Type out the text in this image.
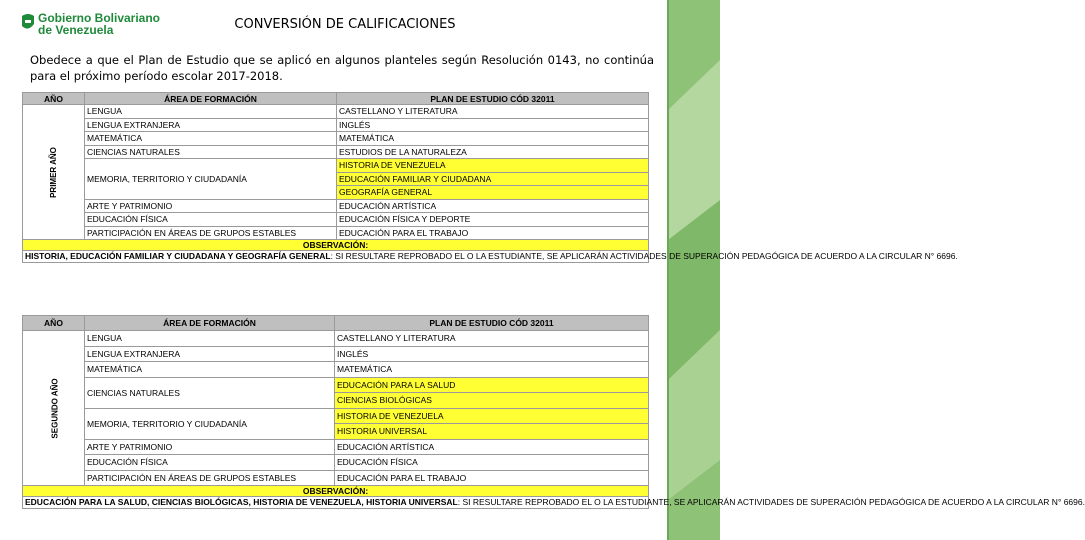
Gobierno Bolivariano
de Venezuela	CONVERSIÓN DE CALIFICACIONES
Obedece a que el Plan de Estudio que se aplicó en algunos planteles según Resolución 0143, no continúa para el próximo período escolar 2017-2018.
AÑO	ÁREA DE FORMACIÓN	PLAN DE ESTUDIO CÓD 32011
PRIMER AÑO	LENGUA	CASTELLANO Y LITERATURA
	LENGUA EXTRANJERA	INGLÉS
	MATEMÁTICA	MATEMÁTICA
	CIENCIAS NATURALES	ESTUDIOS DE LA NATURALEZA
	MEMORIA, TERRITORIO Y CIUDADANÍA	HISTORIA DE VENEZUELA
		EDUCACIÓN FAMILIAR Y CIUDADANA
		GEOGRAFÍA GENERAL
	ARTE Y PATRIMONIO	EDUCACIÓN ARTÍSTICA
	EDUCACIÓN FÍSICA	EDUCACIÓN FÍSICA Y DEPORTE
	PARTICIPACIÓN EN ÁREAS DE GRUPOS ESTABLES	EDUCACIÓN PARA EL TRABAJO
OBSERVACIÓN:		
HISTORIA, EDUCACIÓN FAMILIAR Y CIUDADANA Y GEOGRAFÍA GENERAL: SI RESULTARE REPROBADO EL O LA ESTUDIANTE, SE APLICARÁN ACTIVIDADES DE SUPERACIÓN PEDAGÓGICA DE ACUERDO A LA CIRCULAR N° 6696.		
AÑO	ÁREA DE FORMACIÓN	PLAN DE ESTUDIO CÓD 32011
SEGUNDO AÑO	LENGUA	CASTELLANO Y LITERATURA
	LENGUA EXTRANJERA	INGLÉS
	MATEMÁTICA	MATEMÁTICA
	CIENCIAS NATURALES	EDUCACIÓN PARA LA SALUD
		CIENCIAS BIOLÓGICAS
	MEMORIA, TERRITORIO Y CIUDADANÍA	HISTORIA DE VENEZUELA
		HISTORIA UNIVERSAL
	ARTE Y PATRIMONIO	EDUCACIÓN ARTÍSTICA
	EDUCACIÓN FÍSICA	EDUCACIÓN FÍSICA
	PARTICIPACIÓN EN ÁREAS DE GRUPOS ESTABLES	EDUCACIÓN PARA EL TRABAJO
OBSERVACIÓN:		
EDUCACIÓN PARA LA SALUD, CIENCIAS BIOLÓGICAS, HISTORIA DE VENEZUELA, HISTORIA UNIVERSAL: SI RESULTARE REPROBADO EL O LA ESTUDIANTE, SE APLICARÁN ACTIVIDADES DE SUPERACIÓN PEDAGÓGICA DE ACUERDO A LA CIRCULAR N° 6696.		
